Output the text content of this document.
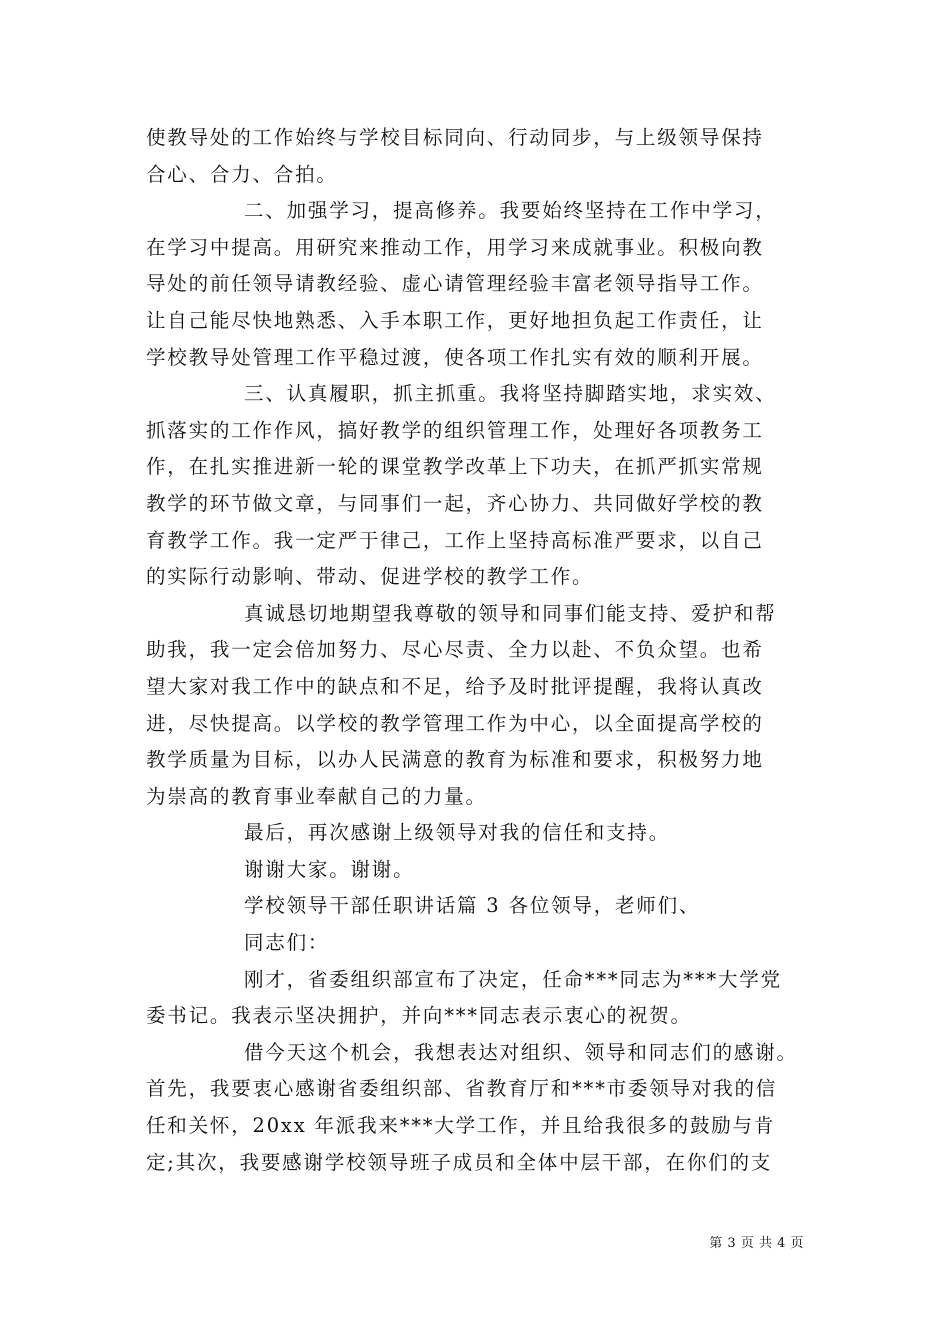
使教导处的工作始终与学校目标同向、行动同步，与上级领导保持

合心、合力、合拍。

二、加强学习，提高修养。我要始终坚持在工作中学习，

在学习中提高。用研究来推动工作，用学习来成就事业。积极向教

导处的前任领导请教经验、虚心请管理经验丰富老领导指导工作。

让自己能尽快地熟悉、入手本职工作，更好地担负起工作责任，让

学校教导处管理工作平稳过渡，使各项工作扎实有效的顺利开展。

三、认真履职，抓主抓重。我将坚持脚踏实地，求实效、

抓落实的工作作风，搞好教学的组织管理工作，处理好各项教务工

作，在扎实推进新一轮的课堂教学改革上下功夫，在抓严抓实常规

教学的环节做文章，与同事们一起，齐心协力、共同做好学校的教

育教学工作。我一定严于律己，工作上坚持高标准严要求，以自己

的实际行动影响、带动、促进学校的教学工作。

真诚恳切地期望我尊敬的领导和同事们能支持、爱护和帮

助我，我一定会倍加努力、尽心尽责、全力以赴、不负众望。也希

望大家对我工作中的缺点和不足，给予及时批评提醒，我将认真改

进，尽快提高。以学校的教学管理工作为中心，以全面提高学校的

教学质量为目标，以办人民满意的教育为标准和要求，积极努力地

为崇高的教育事业奉献自己的力量。

最后，再次感谢上级领导对我的信任和支持。

谢谢大家。谢谢。

学校领导干部任职讲话篇 3 各位领导，老师们、

同志们：

刚才，省委组织部宣布了决定，任命***同志为***大学党

委书记。我表示坚决拥护，并向***同志表示衷心的祝贺。

借今天这个机会，我想表达对组织、领导和同志们的感谢。

首先，我要衷心感谢省委组织部、省教育厅和***市委领导对我的信

任和关怀，20xx 年派我来***大学工作，并且给我很多的鼓励与肯

定;其次，我要感谢学校领导班子成员和全体中层干部，在你们的支

第 3 页 共 4 页
